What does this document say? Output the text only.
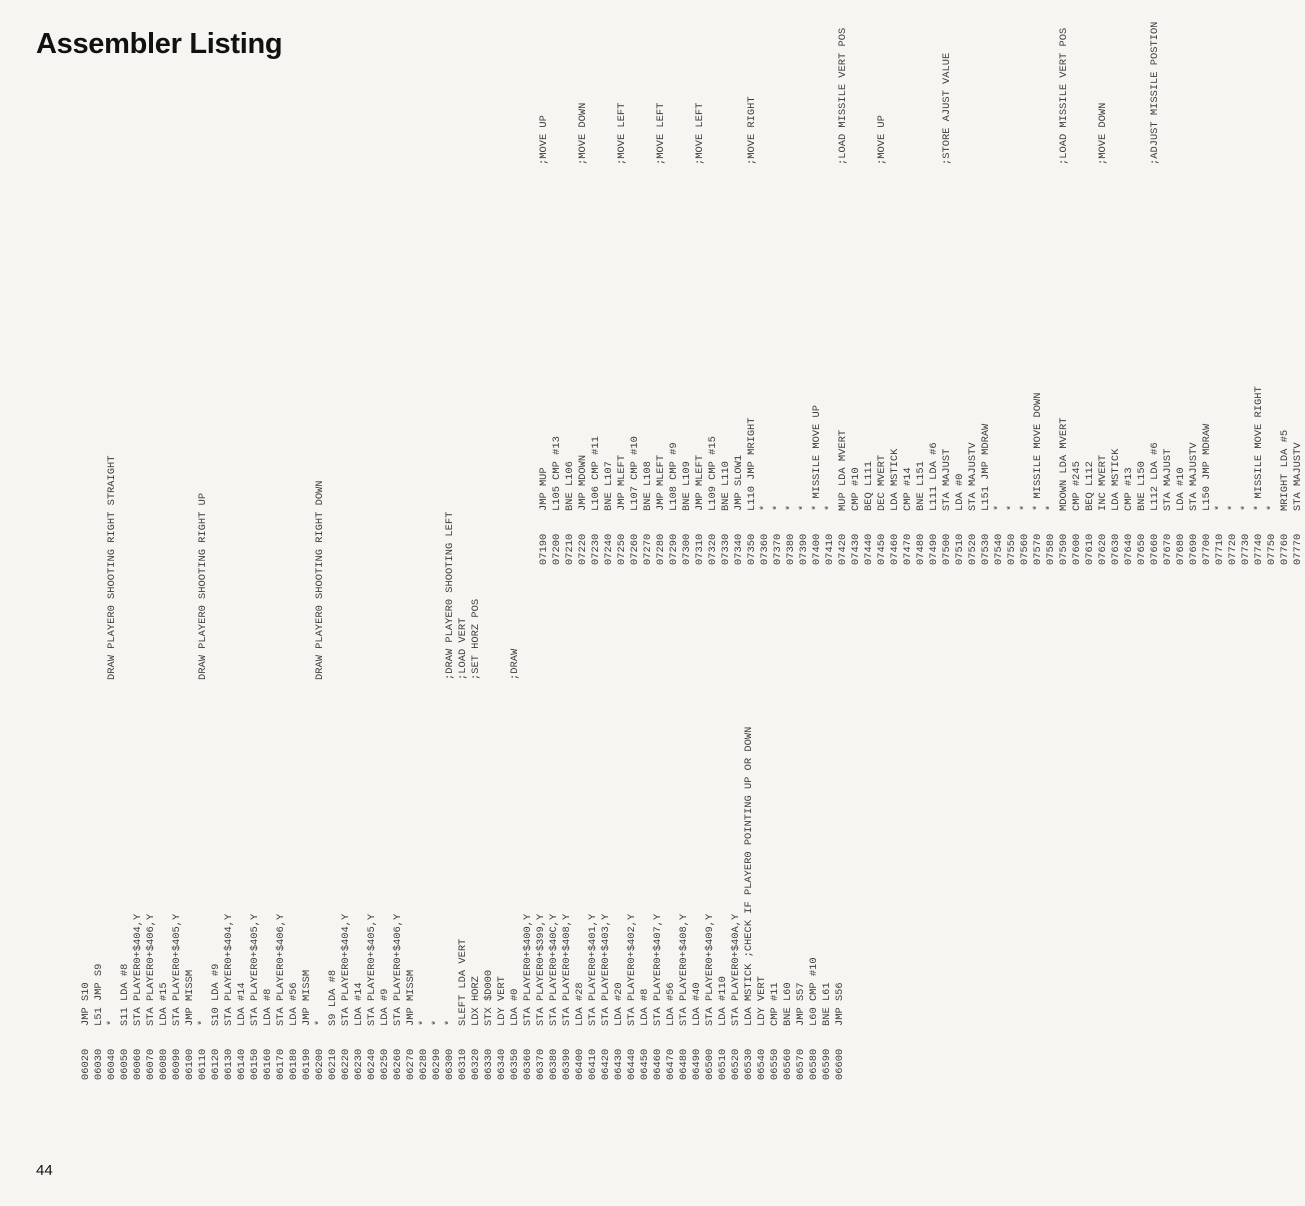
Assembler Listing
06020
JMP S10
06030
L51 JMP S9
06040
*
DRAW PLAYER0 SHOOTING RIGHT STRAIGHT
06050
S11 LDA #8
06060
STA PLAYER0+$404,Y
06070
STA PLAYER0+$406,Y
06080
LDA #15
06090
STA PLAYER0+$405,Y
06100
JMP MISSM
06110
*
DRAW PLAYER0 SHOOTING RIGHT UP
06120
S10 LDA #9
06130
STA PLAYER0+$404,Y
06140
LDA #14
06150
STA PLAYER0+$405,Y
06160
LDA #8
06170
STA PLAYER0+$406,Y
06180
LDA #56
06190
JMP MISSM
06200
*
DRAW PLAYER0 SHOOTING RIGHT DOWN
06210
S9 LDA #8
06220
STA PLAYER0+$404,Y
06230
LDA #14
06240
STA PLAYER0+$405,Y
06250
LDA #9
06260
STA PLAYER0+$406,Y
06270
JMP MISSM
06280
*
06290
*
06300
*
;DRAW PLAYER0 SHOOTING LEFT
06310
SLEFT LDA VERT
;LOAD VERT
06320
LDX HORZ
;SET HORZ POS
06330
STX $D000
06340
LDY VERT
06350
LDA #0
;DRAW
06360
STA PLAYER0+$400,Y
06370
STA PLAYER0+$399,Y
06380
STA PLAYER0+$40C,Y
06390
STA PLAYER0+$408,Y
06400
LDA #28
06410
STA PLAYER0+$401,Y
06420
STA PLAYER0+$403,Y
06430
LDA #20
06440
STA PLAYER0+$402,Y
06450
LDA #8
06460
STA PLAYER0+$407,Y
06470
LDA #56
06480
STA PLAYER0+$408,Y
06490
LDA #40
06500
STA PLAYER0+$409,Y
06510
LDA #110
06520
STA PLAYER0+$40A,Y
06530
LDA MSTICK ;CHECK IF PLAYER0 POINTING UP OR DOWN
06540
LDY VERT
06550
CMP #11
06560
BNE L60
06570
JMP S57
06580
L60 CMP #10
06590
BNE L61
06600
JMP S56
07190
JMP MUP
;MOVE UP
07200
L105 CMP #13
07210
BNE L106
07220
JMP MDOWN
;MOVE DOWN
07230
L106 CMP #11
07240
BNE L107
07250
JMP MLEFT
;MOVE LEFT
07260
L107 CMP #10
07270
BNE L108
07280
JMP MLEFT
;MOVE LEFT
07290
L108 CMP #9
07300
BNE L109
07310
JMP MLEFT
;MOVE LEFT
07320
L109 CMP #15
07330
BNE L110
07340
JMP SLOW1
07350
L110 JMP MRIGHT
;MOVE RIGHT
07360
*
07370
*
07380
*
07390
*
07400
* MISSILE MOVE UP
07410
*
07420
MUP LDA MVERT
;LOAD MISSILE VERT POS
07430
CMP #10
07440
BEQ L111
07450
DEC MVERT
;MOVE UP
07460
LDA MSTICK
07470
CMP #14
07480
BNE L151
07490
L111 LDA #6
07500
STA MAJUST
;STORE AJUST VALUE
07510
LDA #0
07520
STA MAJUSTV
07530
L151 JMP MDRAW
07540
*
07550
*
07560
*
07570
* MISSILE MOVE DOWN
07580
*
07590
MDOWN LDA MVERT
;LOAD MISSILE VERT POS
07600
CMP #245
07610
BEQ L112
07620
INC MVERT
;MOVE DOWN
07630
LDA MSTICK
07640
CMP #13
07650
BNE L150
07660
L112 LDA #6
;ADJUST MISSILE POSTION
07670
STA MAJUST
07680
LDA #10
07690
STA MAJUSTV
07700
L150 JMP MDRAW
07710
*
07720
*
07730
*
07740
* MISSILE MOVE RIGHT
07750
*
07760
MRIGHT LDA #5
07770
STA MAJUSTV
44
